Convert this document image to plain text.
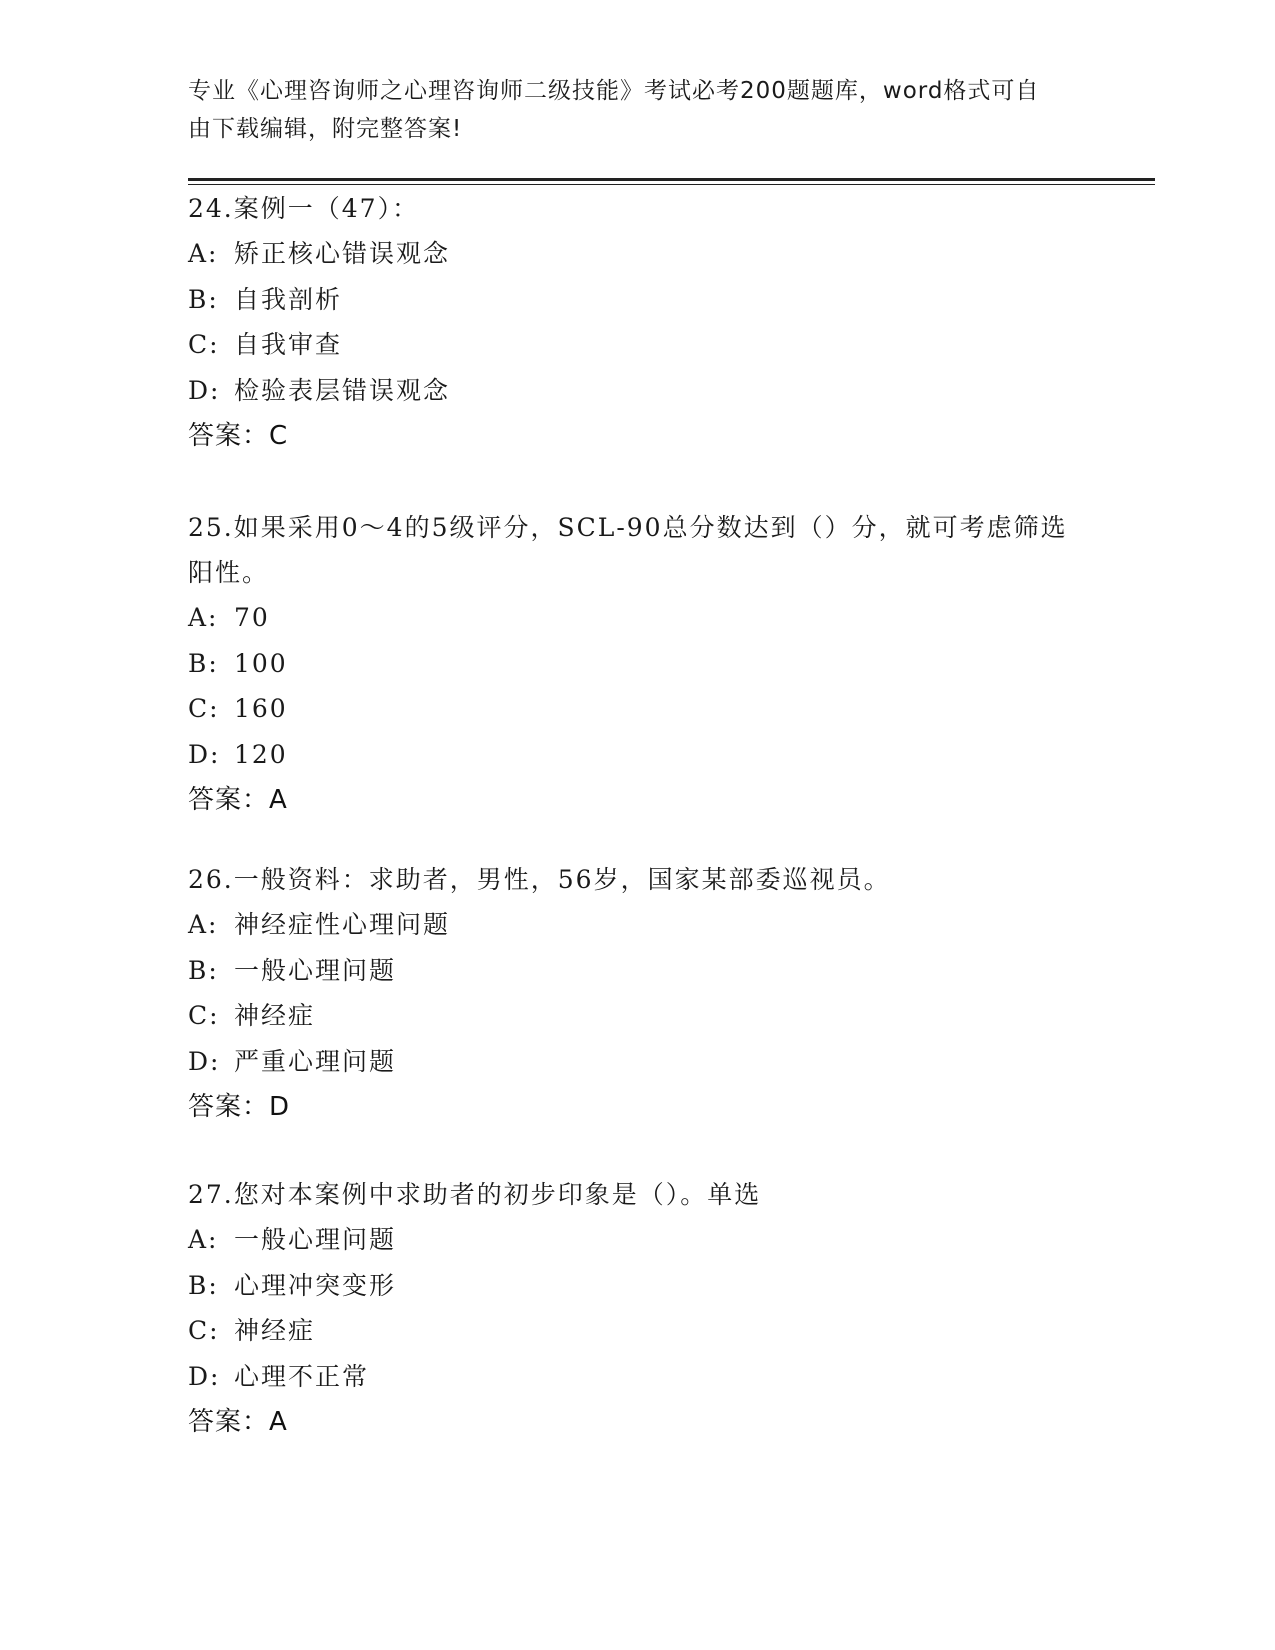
专业《心理咨询师之心理咨询师二级技能》考试必考200题题库，word格式可自
由下载编辑，附完整答案!
24.案例一（47）：
A: 矫正核心错误观念
B: 自我剖析
C: 自我审查
D: 检验表层错误观念
答案：C
25.如果采用0～4的5级评分，SCL-90总分数达到（）分，就可考虑筛选阳性。
A: 70
B: 100
C: 160
D: 120
答案：A
26.一般资料：求助者，男性，56岁，国家某部委巡视员。
A: 神经症性心理问题
B: 一般心理问题
C: 神经症
D: 严重心理问题
答案：D
27.您对本案例中求助者的初步印象是（）。单选
A: 一般心理问题
B: 心理冲突变形
C: 神经症
D: 心理不正常
答案：A
